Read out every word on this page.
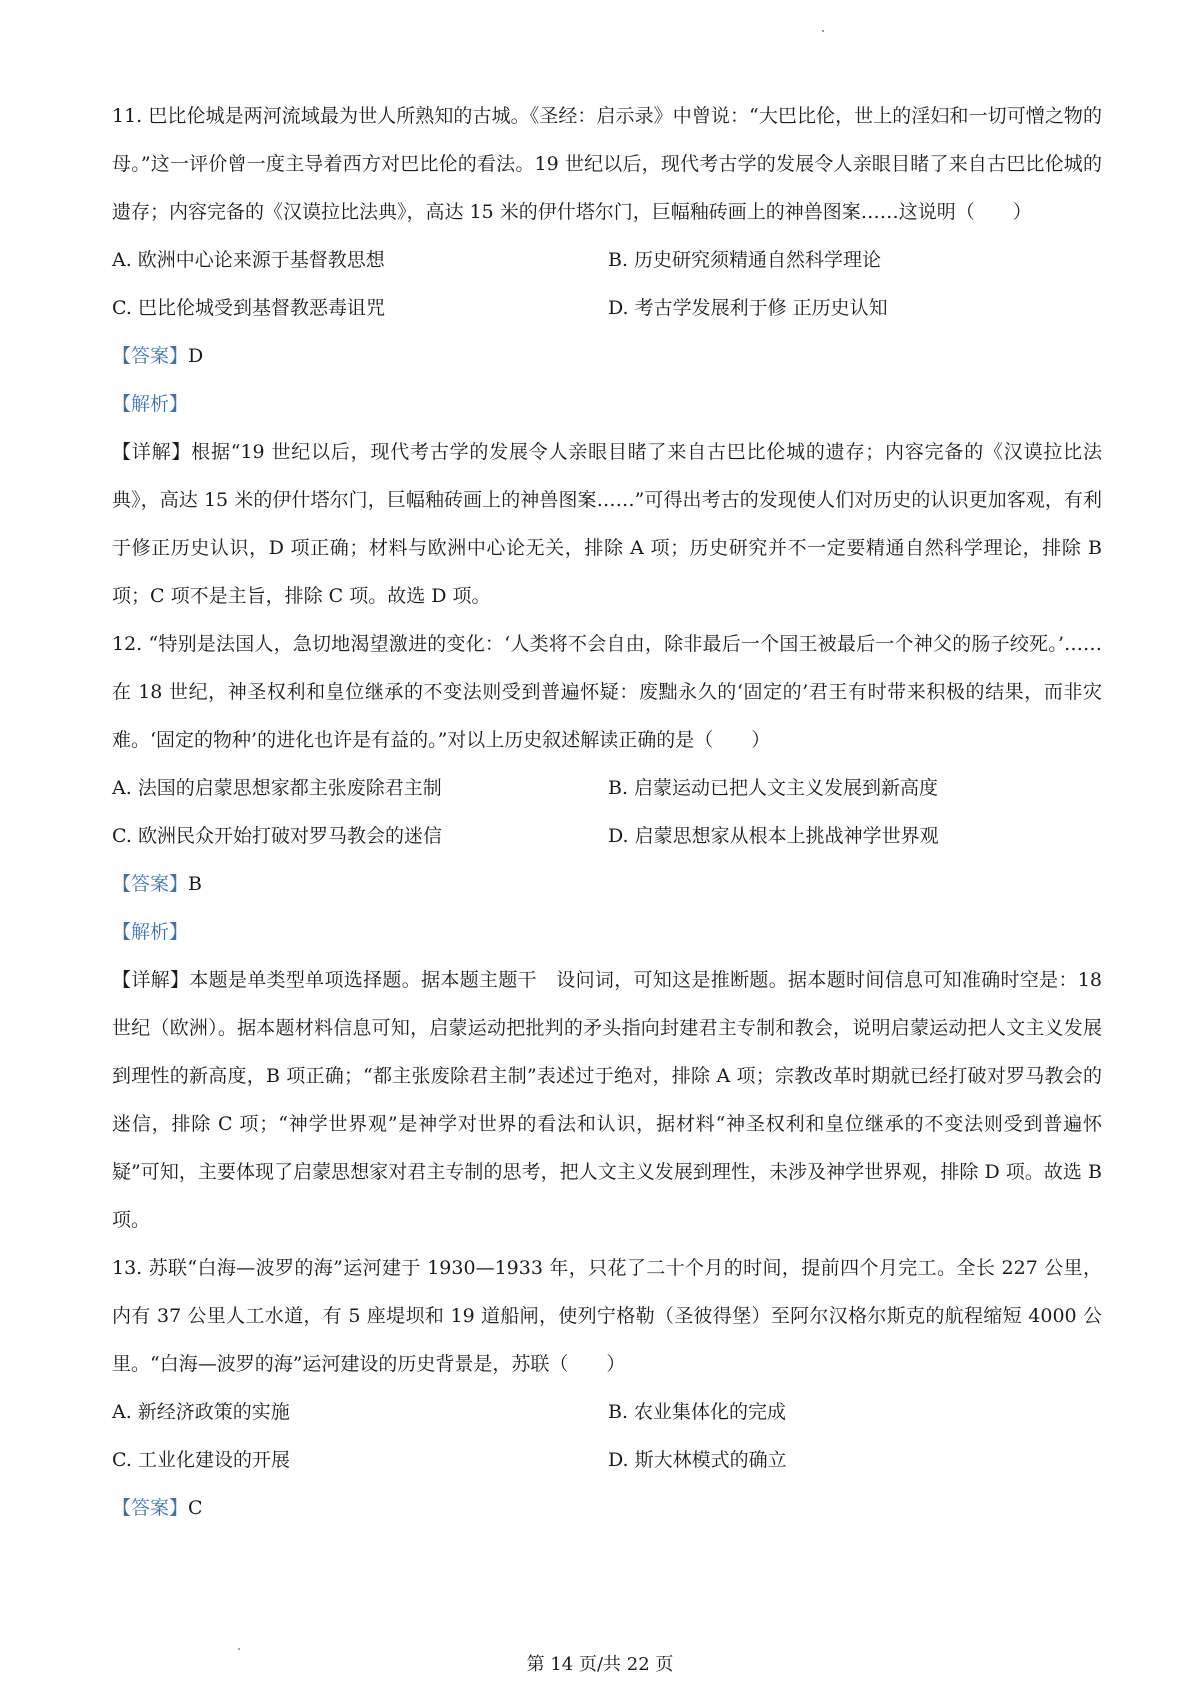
11. 巴比伦城是两河流域最为世人所熟知的古城。《圣经：启示录》中曾说：“大巴比伦，世上的淫妇和一切可憎之物的母。”这一评价曾一度主导着西方对巴比伦的看法。19 世纪以后，现代考古学的发展令人亲眼目睹了来自古巴比伦城的遗存；内容完备的《汉谟拉比法典》，高达 15 米的伊什塔尔门，巨幅釉砖画上的神兽图案……这说明（　　）

A. 欧洲中心论来源于基督教思想	B. 历史研究须精通自然科学理论
C. 巴比伦城受到基督教恶毒诅咒	D. 考古学发展利于修 正历史认知
【答案】D
【解析】

【详解】根据“19 世纪以后，现代考古学的发展令人亲眼目睹了来自古巴比伦城的遗存；内容完备的《汉谟拉比法典》，高达 15 米的伊什塔尔门，巨幅釉砖画上的神兽图案……”可得出考古的发现使人们对历史的认识更加客观，有利于修正历史认识，D 项正确；材料与欧洲中心论无关，排除 A 项；历史研究并不一定要精通自然科学理论，排除 B 项；C 项不是主旨，排除 C 项。故选 D 项。

12. “特别是法国人，急切地渴望激进的变化：‘人类将不会自由，除非最后一个国王被最后一个神父的肠子绞死。’……在 18 世纪，神圣权利和皇位继承的不变法则受到普遍怀疑：废黜永久的‘固定的’君王有时带来积极的结果，而非灾难。‘固定的物种’的进化也许是有益的。”对以上历史叙述解读正确的是（　　）

A. 法国的启蒙思想家都主张废除君主制	B. 启蒙运动已把人文主义发展到新高度
C. 欧洲民众开始打破对罗马教会的迷信	D. 启蒙思想家从根本上挑战神学世界观
【答案】B
【解析】

【详解】本题是单类型单项选择题。据本题主题干　设问词，可知这是推断题。据本题时间信息可知准确时空是：18 世纪（欧洲）。据本题材料信息可知，启蒙运动把批判的矛头指向封建君主专制和教会，说明启蒙运动把人文主义发展到理性的新高度，B 项正确；“都主张废除君主制”表述过于绝对，排除 A 项；宗教改革时期就已经打破对罗马教会的迷信，排除 C 项；“神学世界观”是神学对世界的看法和认识，据材料“神圣权利和皇位继承的不变法则受到普遍怀疑”可知，主要体现了启蒙思想家对君主专制的思考，把人文主义发展到理性，未涉及神学世界观，排除 D 项。故选 B 项。

13. 苏联“白海—波罗的海”运河建于 1930—1933 年，只花了二十个月的时间，提前四个月完工。全长 227 公里，内有 37 公里人工水道，有 5 座堤坝和 19 道船闸，使列宁格勒（圣彼得堡）至阿尔汉格尔斯克的航程缩短 4000 公里。“白海—波罗的海”运河建设的历史背景是，苏联（　　）

A. 新经济政策的实施	B. 农业集体化的完成
C. 工业化建设的开展	D. 斯大林模式的确立
【答案】C
第 14 页/共 22 页
